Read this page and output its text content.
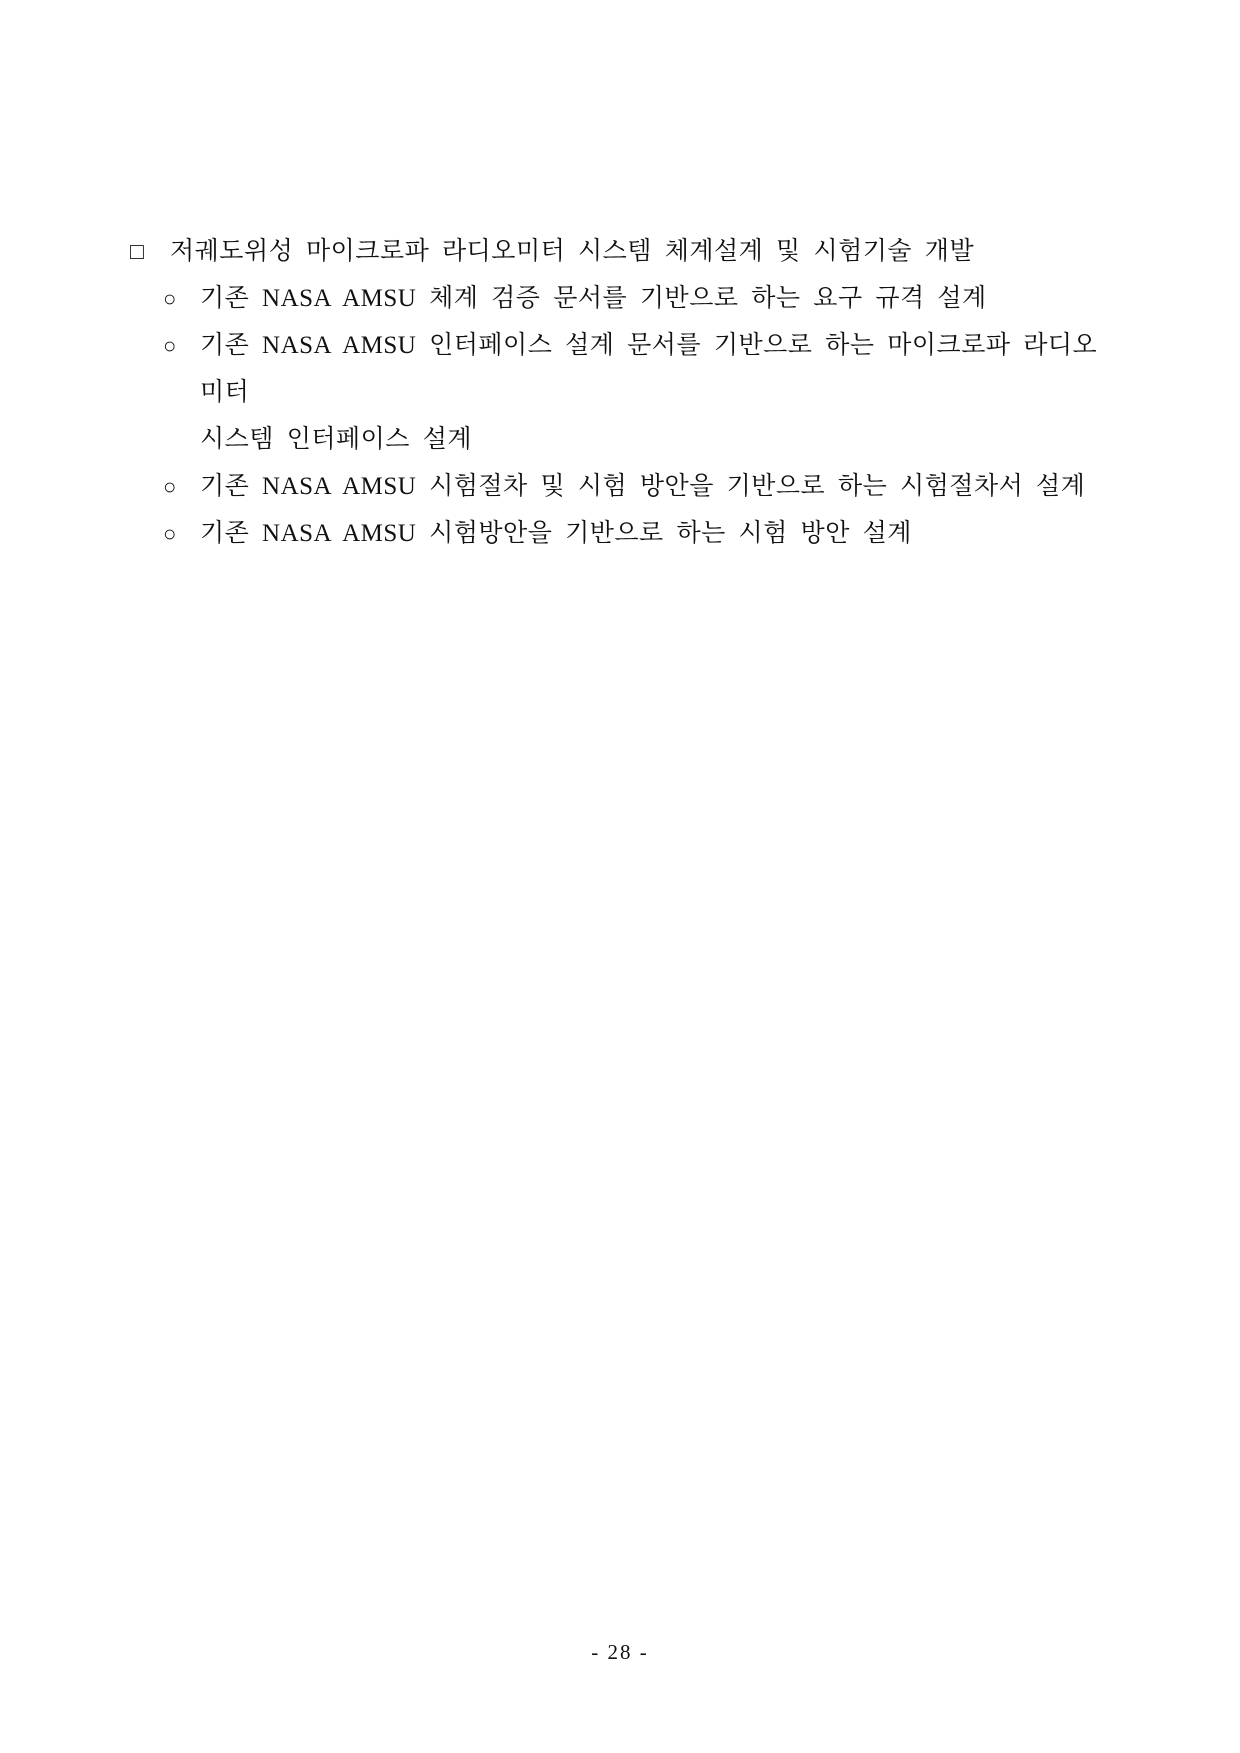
□	저궤도위성 마이크로파 라디오미터 시스템 체계설계 및 시험기술 개발
○ 기존 NASA AMSU 체계 검증 문서를 기반으로 하는 요구 규격 설계
○ 기존 NASA AMSU 인터페이스 설계 문서를 기반으로 하는 마이크로파 라디오미터
시스템 인터페이스 설계
○ 기존 NASA AMSU 시험절차 및 시험 방안을 기반으로 하는 시험절차서 설계
○ 기존 NASA AMSU 시험방안을 기반으로 하는 시험 방안 설계
- 28 -
